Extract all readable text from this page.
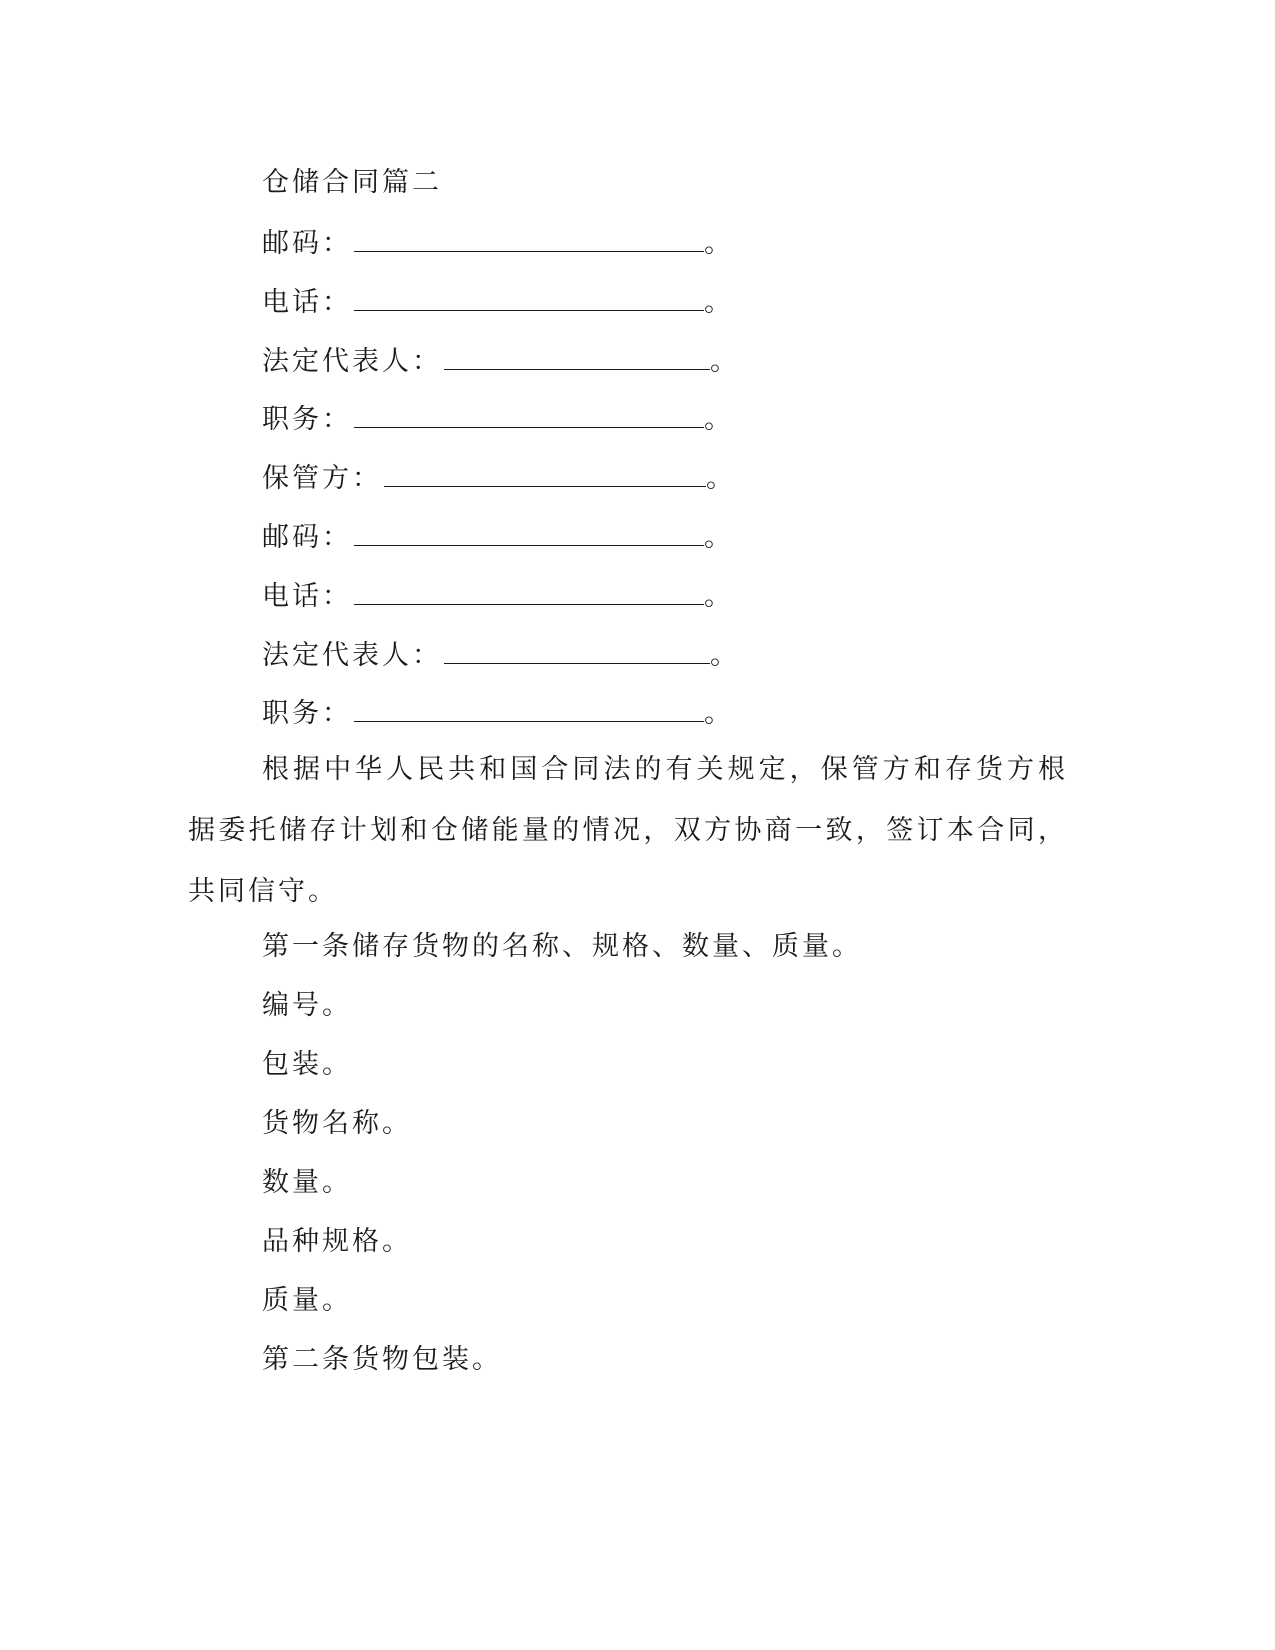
仓储合同篇二
邮码：	。
电话：	。
法定代表人：	。
职务：	。
保管方：	。
邮码：	。
电话：	。
法定代表人：	。
职务：	。
根据中华人民共和国合同法的有关规定，保管方和存货方根据委托储存计划和仓储能量的情况，双方协商一致，签订本合同，共同信守。
第一条储存货物的名称、规格、数量、质量。
编号。
包装。
货物名称。
数量。
品种规格。
质量。
第二条货物包装。
